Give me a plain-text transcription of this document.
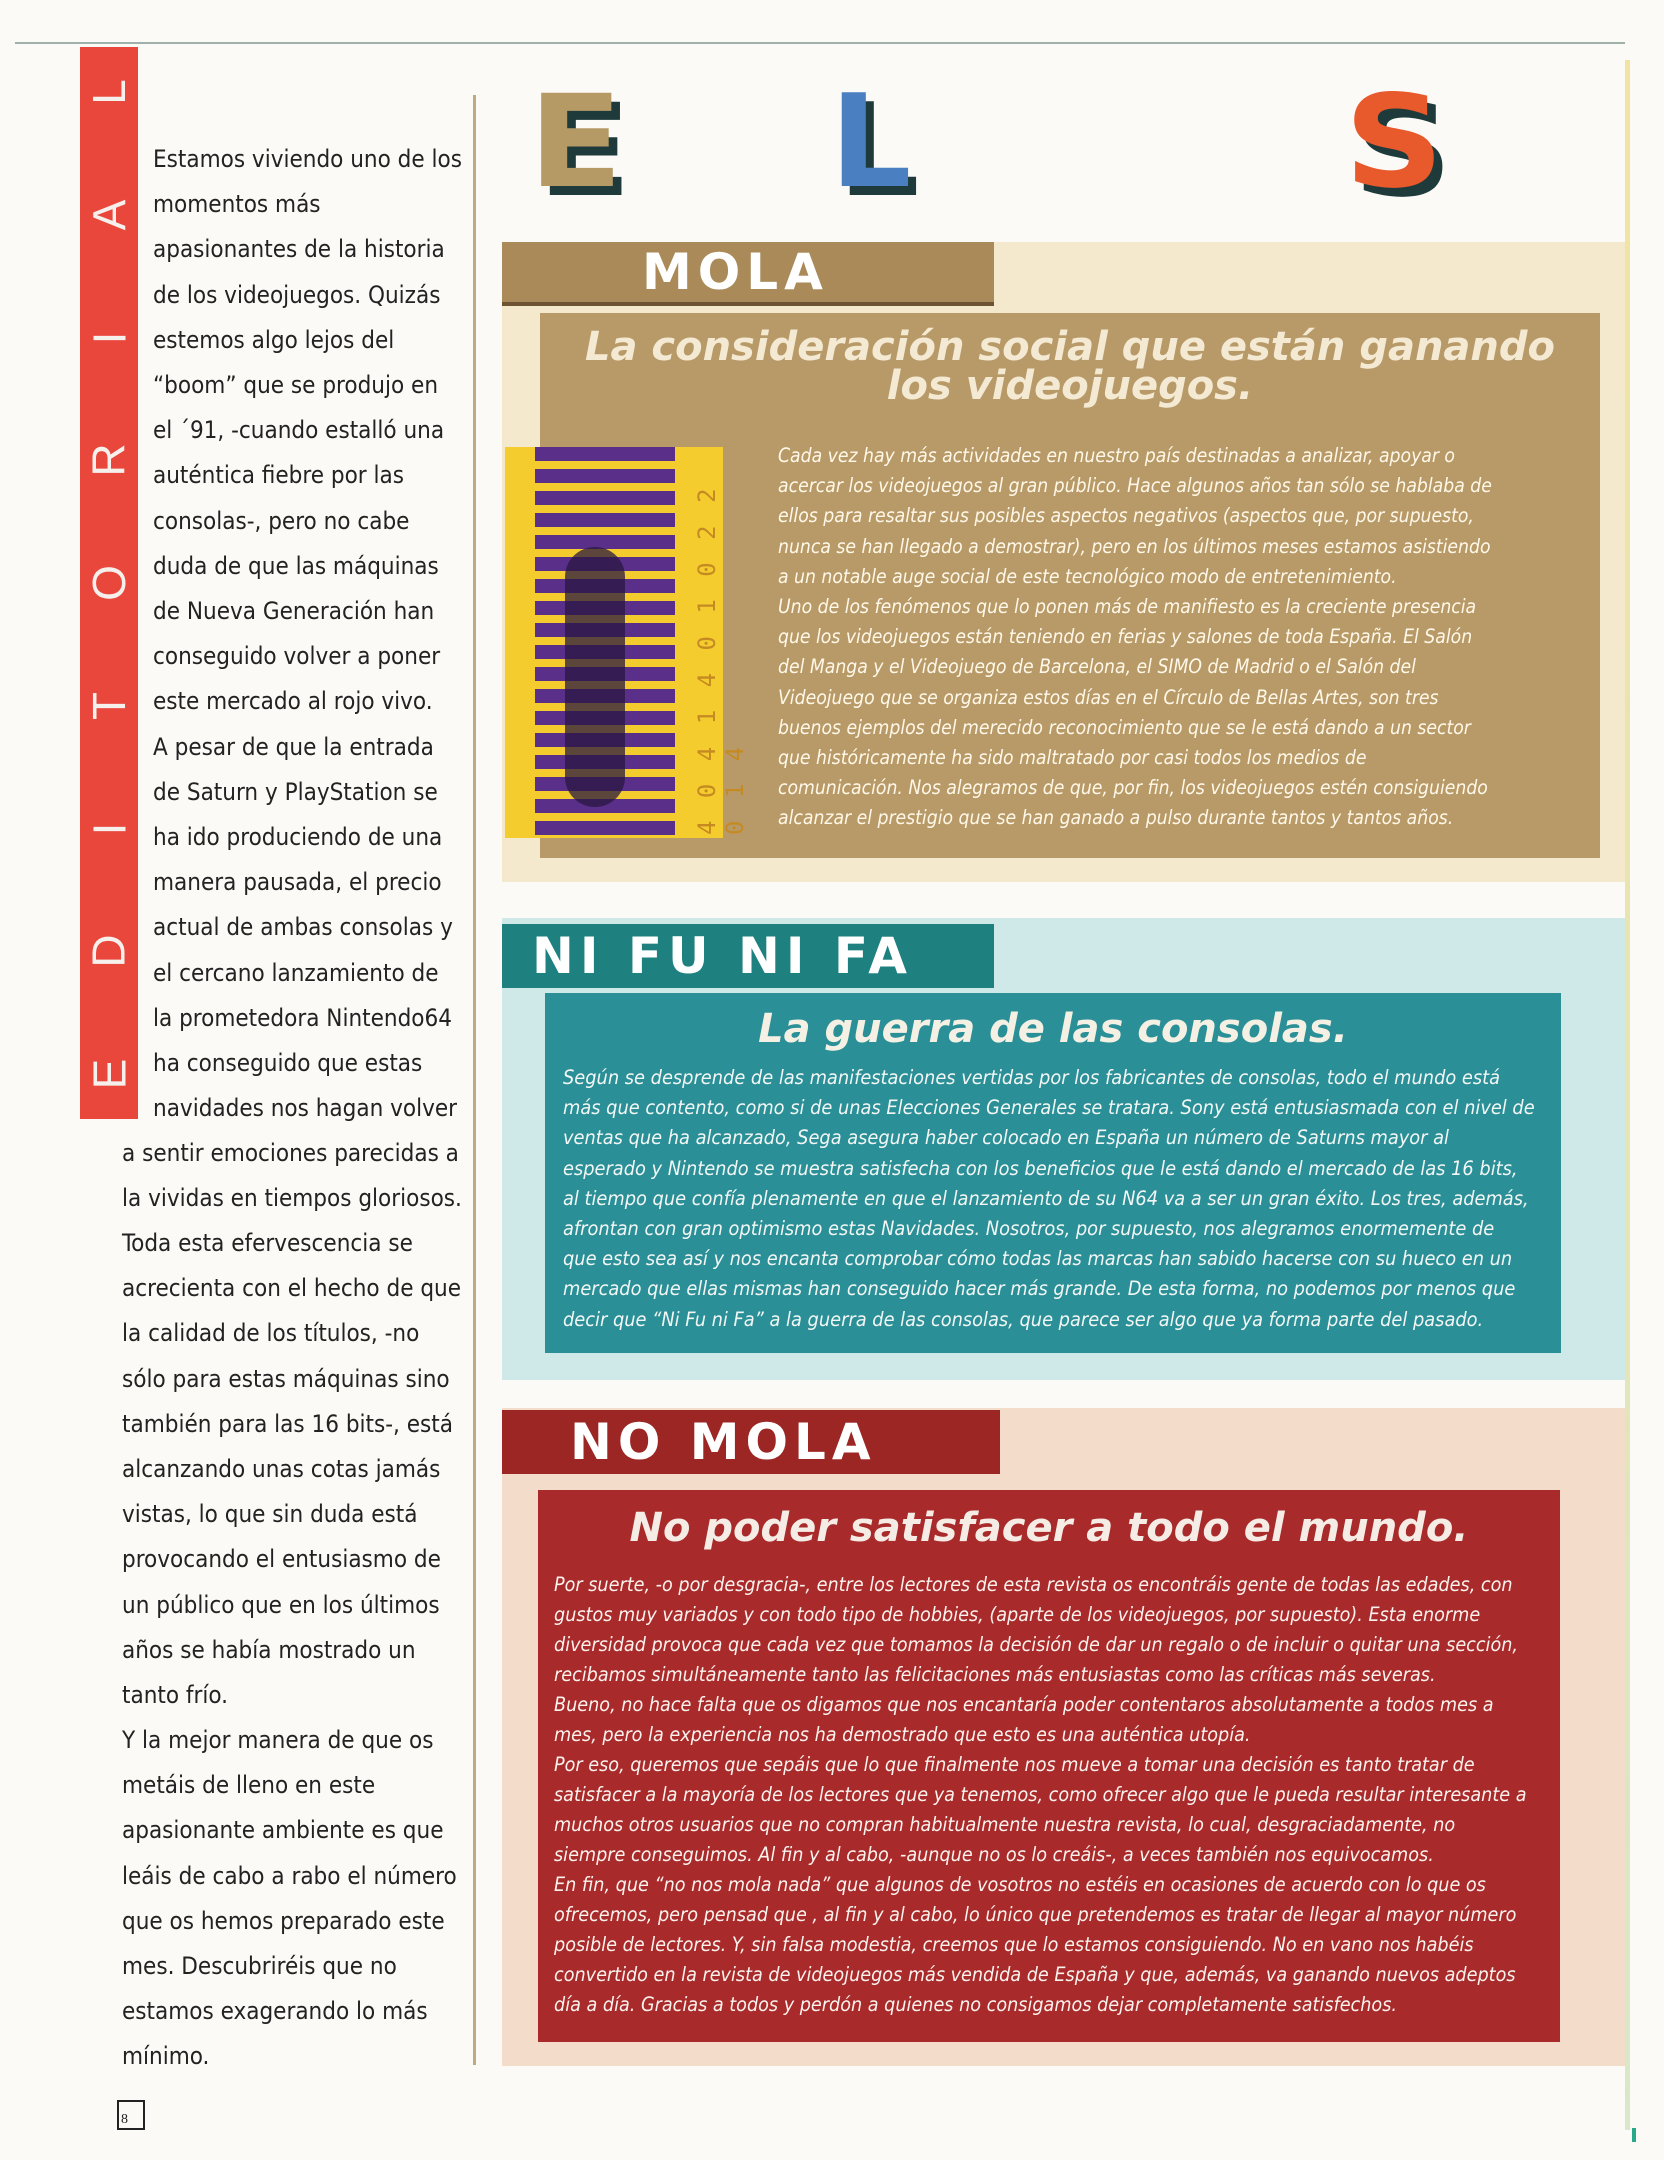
L
A
I
R
O
T
I
D
E

Estamos viviendo uno de los
momentos más
apasionantes de la historia
de los videojuegos. Quizás
estemos algo lejos del
“boom” que se produjo en
el ´91, -cuando estalló una
auténtica fiebre por las
consolas-, pero no cabe
duda de que las máquinas
de Nueva Generación han
conseguido volver a poner
este mercado al rojo vivo.
A pesar de que la entrada
de Saturn y PlayStation se
ha ido produciendo de una
manera pausada, el precio
actual de ambas consolas y
el cercano lanzamiento de
la prometedora Nintendo64
ha conseguido que estas
navidades nos hagan volver

a sentir emociones parecidas a
la vividas en tiempos gloriosos.

Toda esta efervescencia se
acrecienta con el hecho de que
la calidad de los títulos, -no
sólo para estas máquinas sino
también para las 16 bits-, está
alcanzando unas cotas jamás
vistas, lo que sin duda está
provocando el entusiasmo de
un público que en los últimos
años se había mostrado un
tanto frío.

Y la mejor manera de que os
metáis de lleno en este
apasionante ambiente es que
leáis de cabo a rabo el número
que os hemos preparado este
mes. Descubriréis que no
estamos exagerando lo más
mínimo.

8
E L	S
MOLA

La consideración social que están ganando
los videojuegos.

Cada vez hay más actividades en nuestro país destinadas a analizar, apoyar o
acercar los videojuegos al gran público. Hace algunos años tan sólo se hablaba de
ellos para resaltar sus posibles aspectos negativos (aspectos que, por supuesto,
nunca se han llegado a demostrar), pero en los últimos meses estamos asistiendo
a un notable auge social de este tecnológico modo de entretenimiento.
Uno de los fenómenos que lo ponen más de manifiesto es la creciente presencia
que los videojuegos están teniendo en ferias y salones de toda España. El Salón
del Manga y el Videojuego de Barcelona, el SIMO de Madrid o el Salón del
Videojuego que se organiza estos días en el Círculo de Bellas Artes, son tres
buenos ejemplos del merecido reconocimiento que se le está dando a un sector
que históricamente ha sido maltratado por casi todos los medios de
comunicación. Nos alegramos de que, por fin, los videojuegos estén consiguiendo
alcanzar el prestigio que se han ganado a pulso durante tantos y tantos años.

4 0 4 1 4 0 1 0 2 2 0 1 4
NI FU NI FA

La guerra de las consolas.

Según se desprende de las manifestaciones vertidas por los fabricantes de consolas, todo el mundo está
más que contento, como si de unas Elecciones Generales se tratara. Sony está entusiasmada con el nivel de
ventas que ha alcanzado, Sega asegura haber colocado en España un número de Saturns mayor al
esperado y Nintendo se muestra satisfecha con los beneficios que le está dando el mercado de las 16 bits,
al tiempo que confía plenamente en que el lanzamiento de su N64 va a ser un gran éxito. Los tres, además,
afrontan con gran optimismo estas Navidades. Nosotros, por supuesto, nos alegramos enormemente de
que esto sea así y nos encanta comprobar cómo todas las marcas han sabido hacerse con su hueco en un
mercado que ellas mismas han conseguido hacer más grande. De esta forma, no podemos por menos que
decir que “Ni Fu ni Fa” a la guerra de las consolas, que parece ser algo que ya forma parte del pasado.

NO MOLA

No poder satisfacer a todo el mundo.

Por suerte, -o por desgracia-, entre los lectores de esta revista os encontráis gente de todas las edades, con
gustos muy variados y con todo tipo de hobbies, (aparte de los videojuegos, por supuesto). Esta enorme
diversidad provoca que cada vez que tomamos la decisión de dar un regalo o de incluir o quitar una sección,
recibamos simultáneamente tanto las felicitaciones más entusiastas como las críticas más severas.
Bueno, no hace falta que os digamos que nos encantaría poder contentaros absolutamente a todos mes a
mes, pero la experiencia nos ha demostrado que esto es una auténtica utopía.
Por eso, queremos que sepáis que lo que finalmente nos mueve a tomar una decisión es tanto tratar de
satisfacer a la mayoría de los lectores que ya tenemos, como ofrecer algo que le pueda resultar interesante a
muchos otros usuarios que no compran habitualmente nuestra revista, lo cual, desgraciadamente, no
siempre conseguimos. Al fin y al cabo, -aunque no os lo creáis-, a veces también nos equivocamos.
En fin, que “no nos mola nada” que algunos de vosotros no estéis en ocasiones de acuerdo con lo que os
ofrecemos, pero pensad que , al fin y al cabo, lo único que pretendemos es tratar de llegar al mayor número
posible de lectores. Y, sin falsa modestia, creemos que lo estamos consiguiendo. No en vano nos habéis
convertido en la revista de videojuegos más vendida de España y que, además, va ganando nuevos adeptos
día a día. Gracias a todos y perdón a quienes no consigamos dejar completamente satisfechos.
